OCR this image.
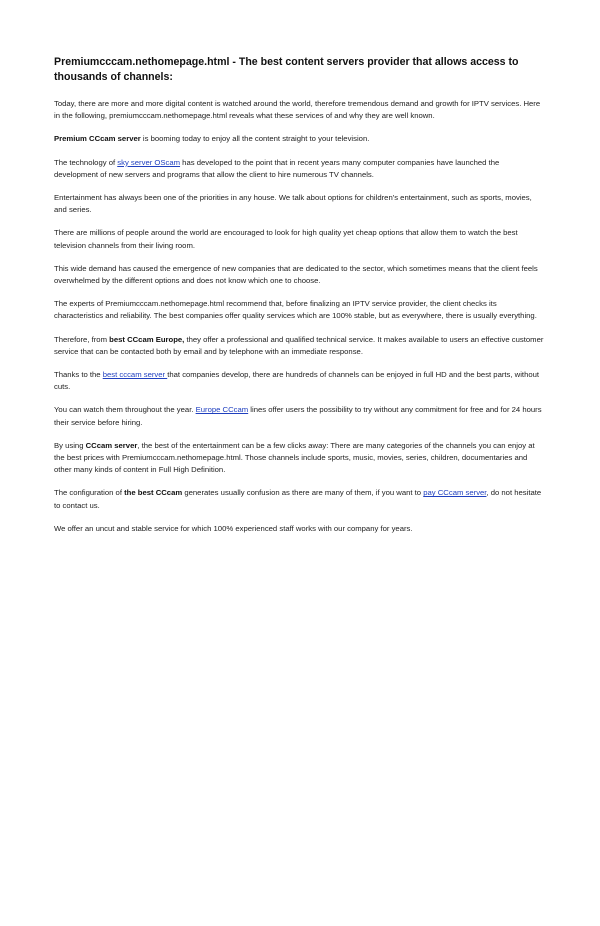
Premiumcccam.nethomepage.html - The best content servers provider that allows access to thousands of channels:

Today, there are more and more digital content is watched around the world, therefore tremendous demand and growth for IPTV services. Here in the following, premiumcccam.nethomepage.html reveals what these services of and why they are well known.

Premium CCcam server is booming today to enjoy all the content straight to your television.

The technology of sky server OScam has developed to the point that in recent years many computer companies have launched the development of new servers and programs that allow the client to hire numerous TV channels.

Entertainment has always been one of the priorities in any house. We talk about options for children's entertainment, such as sports, movies, and series.

There are millions of people around the world are encouraged to look for high quality yet cheap options that allow them to watch the best television channels from their living room.

This wide demand has caused the emergence of new companies that are dedicated to the sector, which sometimes means that the client feels overwhelmed by the different options and does not know which one to choose.

The experts of Premiumcccam.nethomepage.html recommend that, before finalizing an IPTV service provider, the client checks its characteristics and reliability. The best companies offer quality services which are 100% stable, but as everywhere, there is usually everything.

Therefore, from best CCcam Europe, they offer a professional and qualified technical service. It makes available to users an effective customer service that can be contacted both by email and by telephone with an immediate response.

Thanks to the best cccam server that companies develop, there are hundreds of channels can be enjoyed in full HD and the best parts, without cuts.

You can watch them throughout the year. Europe CCcam lines offer users the possibility to try without any commitment for free and for 24 hours their service before hiring.

By using CCcam server, the best of the entertainment can be a few clicks away: There are many categories of the channels you can enjoy at the best prices with Premiumcccam.nethomepage.html. Those channels include sports, music, movies, series, children, documentaries and other many kinds of content in Full High Definition.

The configuration of the best CCcam generates usually confusion as there are many of them, if you want to pay CCcam server, do not hesitate to contact us.

We offer an uncut and stable service for which 100% experienced staff works with our company for years.
